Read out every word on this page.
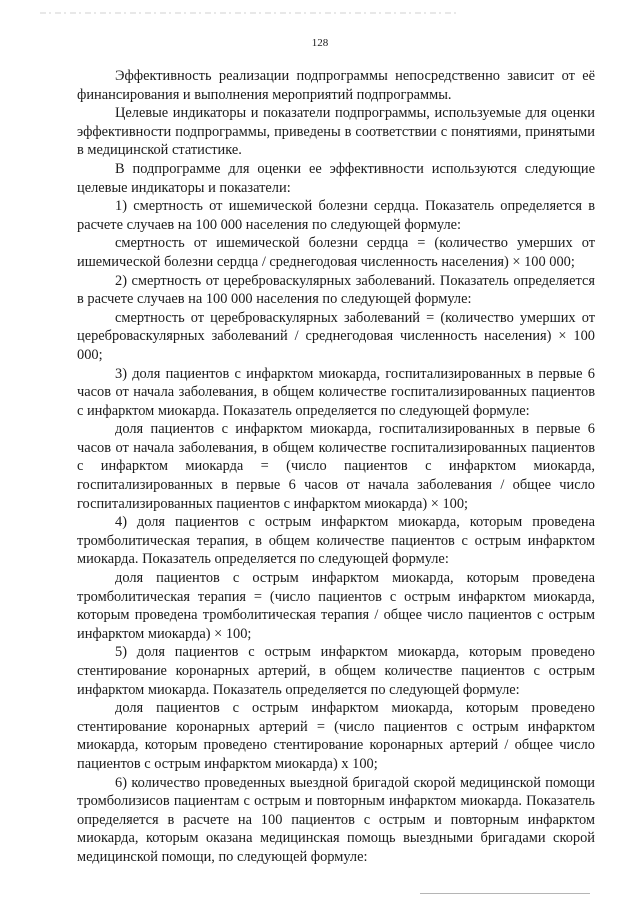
128

Эффективность реализации подпрограммы непосредственно зависит от её финансирования и выполнения мероприятий подпрограммы.

Целевые индикаторы и показатели подпрограммы, используемые для оценки эффективности подпрограммы, приведены в соответствии с понятиями, принятыми в медицинской статистике.

В подпрограмме для оценки ее эффективности используются следующие целевые индикаторы и показатели:

1) смертность от ишемической болезни сердца. Показатель определяется в расчете случаев на 100 000 населения по следующей формуле:

смертность от ишемической болезни сердца = (количество умерших от ишемической болезни сердца / среднегодовая численность населения) × 100 000;

2) смертность от цереброваскулярных заболеваний. Показатель определяется в расчете случаев на 100 000 населения по следующей формуле:

смертность от цереброваскулярных заболеваний = (количество умерших от цереброваскулярных заболеваний / среднегодовая численность населения) × 100 000;

3) доля пациентов с инфарктом миокарда, госпитализированных в первые 6 часов от начала заболевания, в общем количестве госпитализированных пациентов с инфарктом миокарда. Показатель определяется по следующей формуле:

доля пациентов с инфарктом миокарда, госпитализированных в первые 6 часов от начала заболевания, в общем количестве госпитализированных пациентов с инфарктом миокарда = (число пациентов с инфарктом миокарда, госпитализированных в первые 6 часов от начала заболевания / общее число госпитализированных пациентов с инфарктом миокарда) × 100;

4) доля пациентов с острым инфарктом миокарда, которым проведена тромболитическая терапия, в общем количестве пациентов с острым инфарктом миокарда. Показатель определяется по следующей формуле:

доля пациентов с острым инфарктом миокарда, которым проведена тромболитическая терапия = (число пациентов с острым инфарктом миокарда, которым проведена тромболитическая терапия / общее число пациентов с острым инфарктом миокарда) × 100;

5) доля пациентов с острым инфарктом миокарда, которым проведено стентирование коронарных артерий, в общем количестве пациентов с острым инфарктом миокарда. Показатель определяется по следующей формуле:

доля пациентов с острым инфарктом миокарда, которым проведено стентирование коронарных артерий = (число пациентов с острым инфарктом миокарда, которым проведено стентирование коронарных артерий / общее число пациентов с острым инфарктом миокарда) х 100;

6) количество проведенных выездной бригадой скорой медицинской помощи тромболизисов пациентам с острым и повторным инфарктом миокарда. Показатель определяется в расчете на 100 пациентов с острым и повторным инфарктом миокарда, которым оказана медицинская помощь выездными бригадами скорой медицинской помощи, по следующей формуле:
